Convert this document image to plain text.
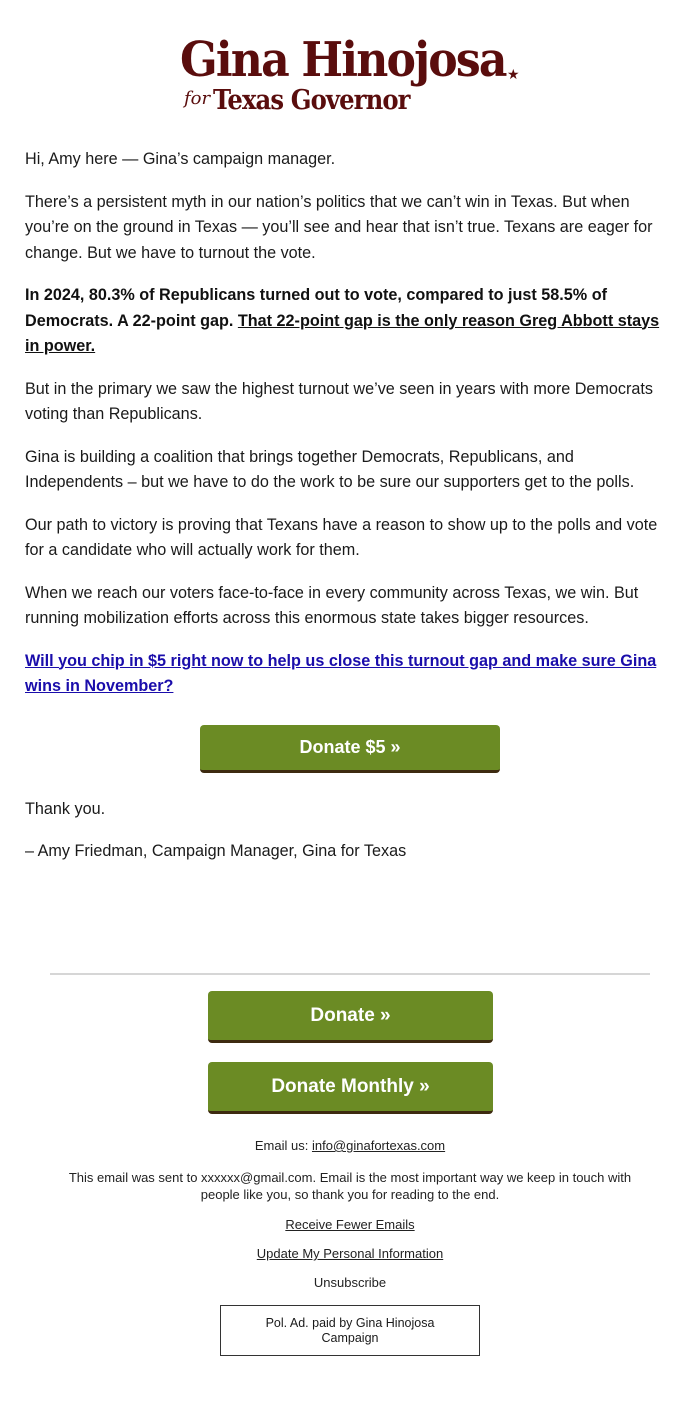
Gina Hinojosa ★
for Texas Governor

Hi, Amy here — Gina’s campaign manager.

There’s a persistent myth in our nation’s politics that we can’t win in Texas. But when you’re on the ground in Texas — you’ll see and hear that isn’t true. Texans are eager for change. But we have to turnout the vote.

In 2024, 80.3% of Republicans turned out to vote, compared to just 58.5% of Democrats. A 22-point gap. That 22-point gap is the only reason Greg Abbott stays in power.

But in the primary we saw the highest turnout we’ve seen in years with more Democrats voting than Republicans.

Gina is building a coalition that brings together Democrats, Republicans, and Independents – but we have to do the work to be sure our supporters get to the polls.

Our path to victory is proving that Texans have a reason to show up to the polls and vote for a candidate who will actually work for them.

When we reach our voters face-to-face in every community across Texas, we win. But running mobilization efforts across this enormous state takes bigger resources.

Will you chip in $5 right now to help us close this turnout gap and make sure Gina wins in November?

Donate $5 »
Thank you.
– Amy Friedman, Campaign Manager, Gina for Texas
Donate »
Donate Monthly »
Email us: info@ginafortexas.com
This email was sent to xxxxxx@gmail.com. Email is the most important way we keep in touch with people like you, so thank you for reading to the end.
Receive Fewer Emails
Update My Personal Information
Unsubscribe
Pol. Ad. paid by Gina Hinojosa Campaign
